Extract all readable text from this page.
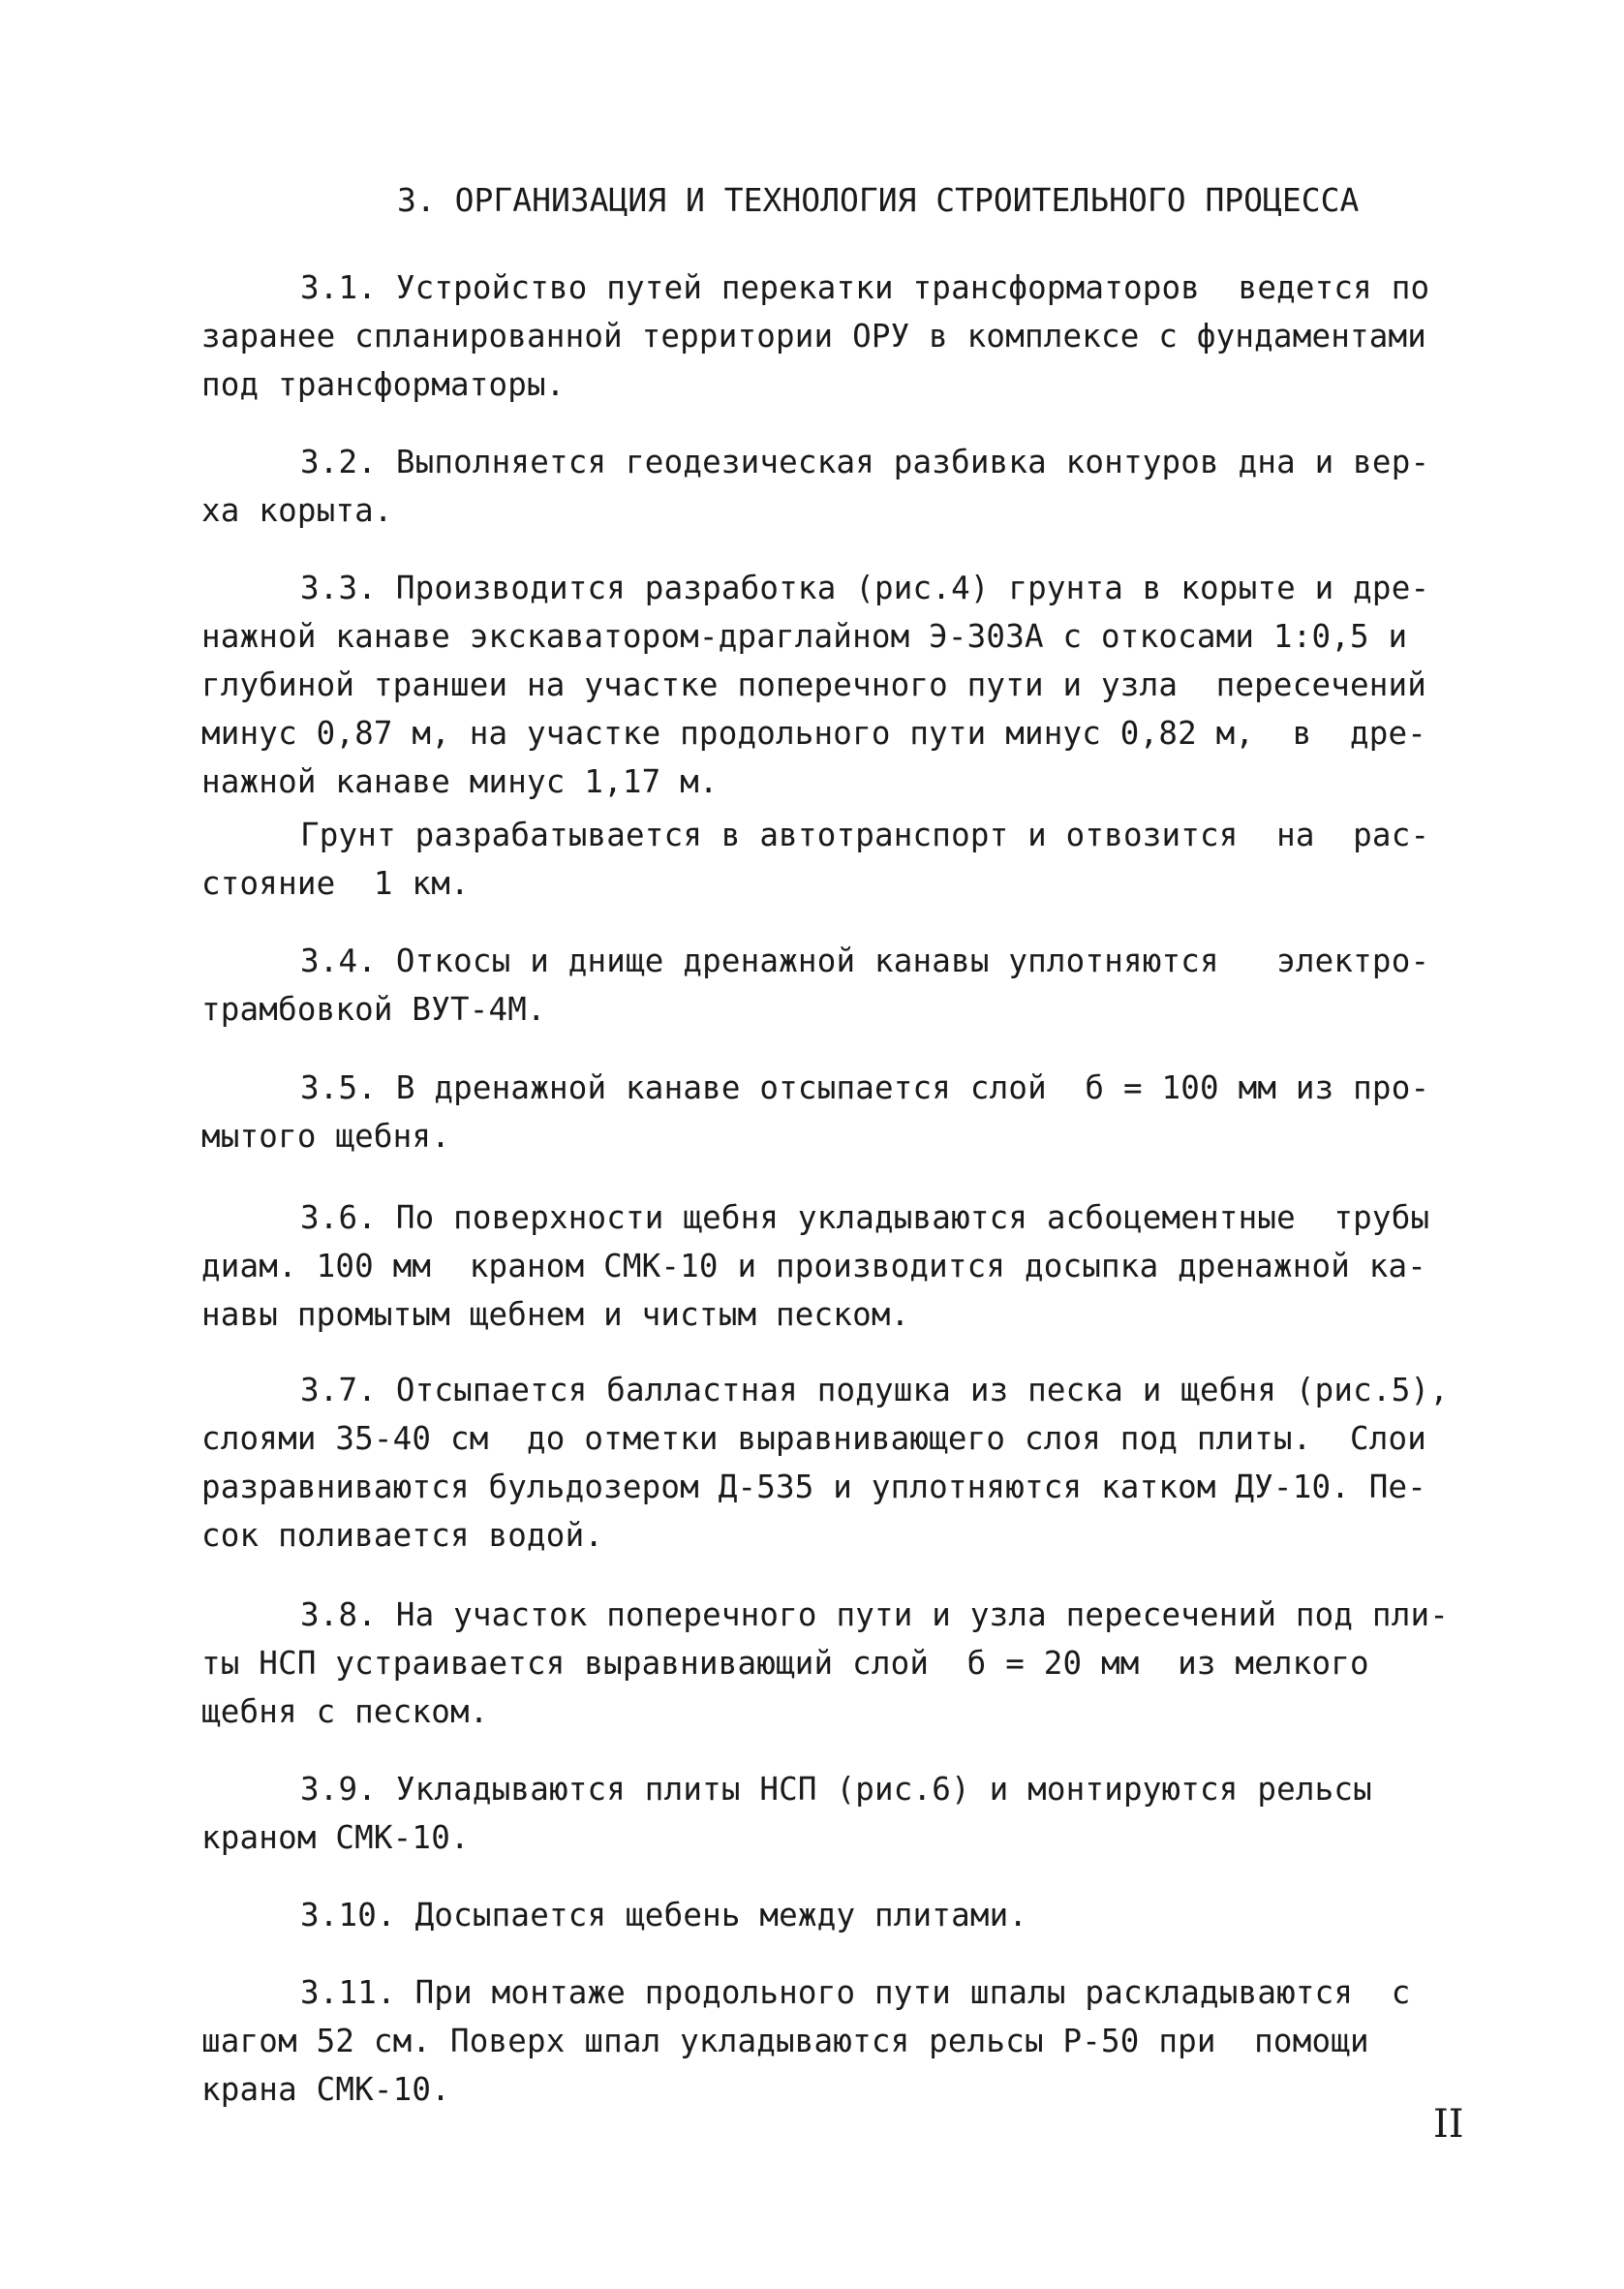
3. ОРГАНИЗАЦИЯ И ТЕХНОЛОГИЯ СТРОИТЕЛЬНОГО ПРОЦЕССА
3.1. Устройство путей перекатки трансформаторов  ведется по
заранее спланированной территории ОРУ в комплексе с фундаментами
под трансформаторы.
3.2. Выполняется геодезическая разбивка контуров дна и вер-
ха корыта.
3.3. Производится разработка (рис.4) грунта в корыте и дре-
нажной канаве экскаватором-драглайном Э-303А с откосами 1:0,5 и
глубиной траншеи на участке поперечного пути и узла  пересечений
минус 0,87 м, на участке продольного пути минус 0,82 м,  в  дре-
нажной канаве минус 1,17 м.
Грунт разрабатывается в автотранспорт и отвозится  на  рас-
стояние  1 км.
3.4. Откосы и днище дренажной канавы уплотняются   электро-
трамбовкой ВУТ-4М.
3.5. В дренажной канаве отсыпается слой  б = 100 мм из про-
мытого щебня.
3.6. По поверхности щебня укладываются асбоцементные  трубы
диам. 100 мм  краном СМК-10 и производится досыпка дренажной ка-
навы промытым щебнем и чистым песком.
3.7. Отсыпается балластная подушка из песка и щебня (рис.5),
слоями 35-40 см  до отметки выравнивающего слоя под плиты.  Слои
разравниваются бульдозером Д-535 и уплотняются катком ДУ-10. Пе-
сок поливается водой.
3.8. На участок поперечного пути и узла пересечений под пли-
ты НСП устраивается выравнивающий слой  б = 20 мм  из мелкого
щебня с песком.
3.9. Укладываются плиты НСП (рис.6) и монтируются рельсы
краном СМК-10.
3.10. Досыпается щебень между плитами.
3.11. При монтаже продольного пути шпалы раскладываются  с
шагом 52 см. Поверх шпал укладываются рельсы Р-50 при  помощи
крана СМК-10.
II
